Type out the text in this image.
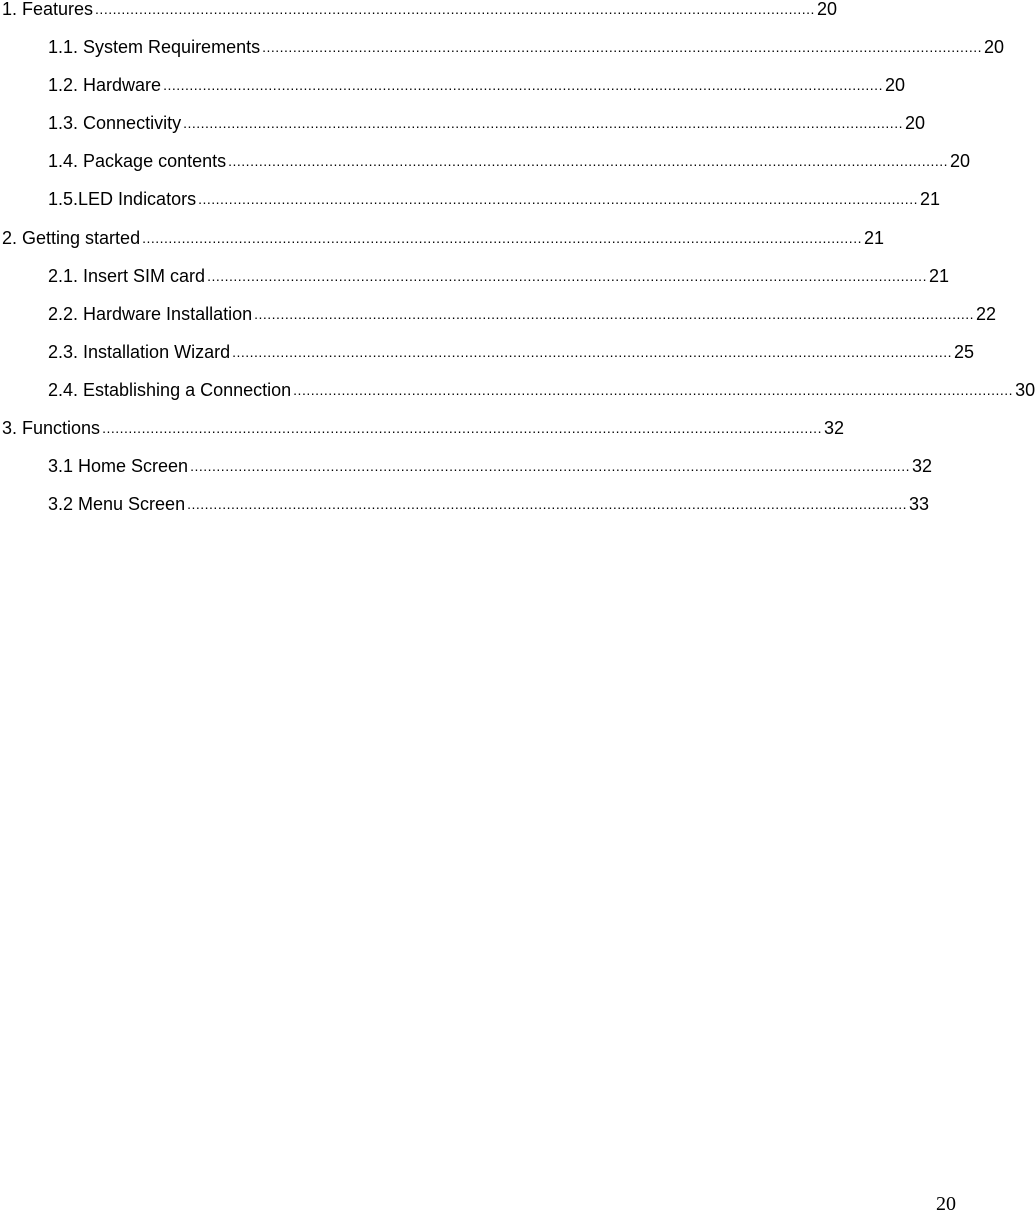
1. Features .................................................................................................................................................................... 20
1.1. System Requirements .................................................................................................................................................................... 20
1.2. Hardware .................................................................................................................................................................... 20
1.3. Connectivity .................................................................................................................................................................... 20
1.4. Package contents .................................................................................................................................................................... 20
1.5.LED Indicators .................................................................................................................................................................... 21
2. Getting started .................................................................................................................................................................... 21
2.1. Insert SIM card .................................................................................................................................................................... 21
2.2. Hardware Installation .................................................................................................................................................................... 22
2.3. Installation Wizard .................................................................................................................................................................... 25
2.4. Establishing a Connection .................................................................................................................................................................... 30
3. Functions .................................................................................................................................................................... 32
3.1 Home Screen .................................................................................................................................................................... 32
3.2 Menu Screen .................................................................................................................................................................... 33
20
